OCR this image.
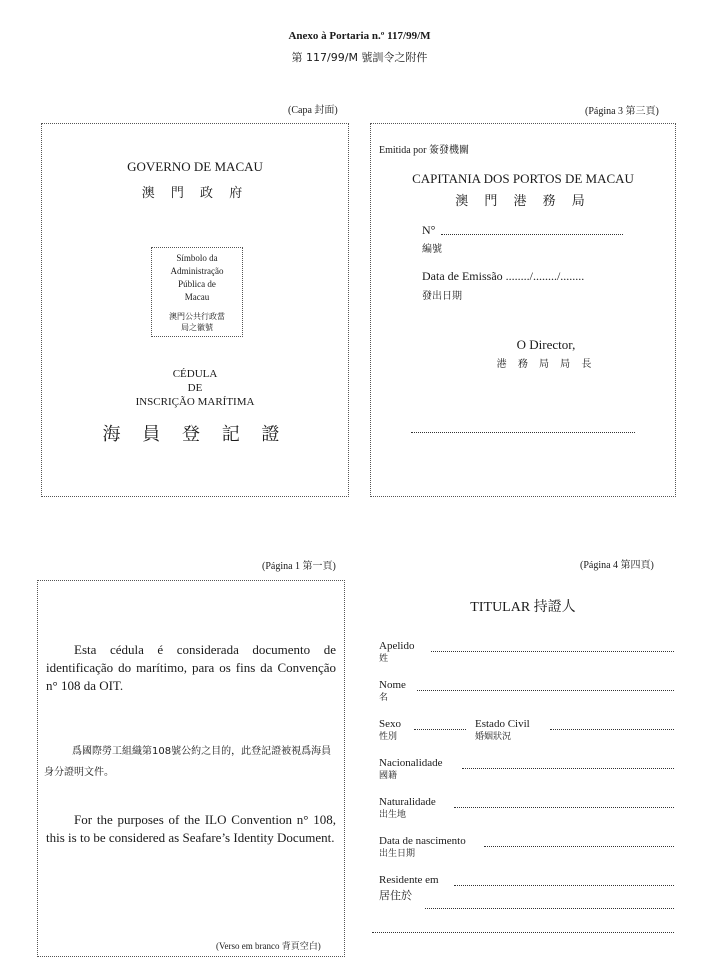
Anexo à Portaria n.º 117/99/M
第 117/99/M 號訓令之附件
(Capa 封面)	(Página 3 第三頁)
(Página 1 第一頁)	(Página 4 第四頁)
GOVERNO DE MACAU
澳 門 政 府
Símbolo da
Administração
Pública de
Macau
澳門公共行政當
局之徽號
CÉDULA
DE
INSCRIÇÃO MARÍTIMA
海 員 登 記 證
Emitida por 簽發機關
CAPITANIA DOS PORTOS DE MACAU
澳 門 港 務 局
N°
編號
Data de Emissão ......../......../........
發出日期
O Director,
港 務 局 局 長
Esta cédula é considerada documento de identificação do marítimo, para os fins da Convenção n° 108 da OIT.
爲國際勞工組織第108號公約之目的，此登記證被視爲海員身分證明文件。
For the purposes of the ILO Convention n° 108, this is to be considered as Seafare’s Identity Document.
(Verso em branco 背頁空白)
TITULAR 持證人
Apelido
姓
Nome
名
Sexo
性別
Estado Civil
婚姻狀況
Nacionalidade
國籍
Naturalidade
出生地
Data de nascimento
出生日期
Residente em
居住於
